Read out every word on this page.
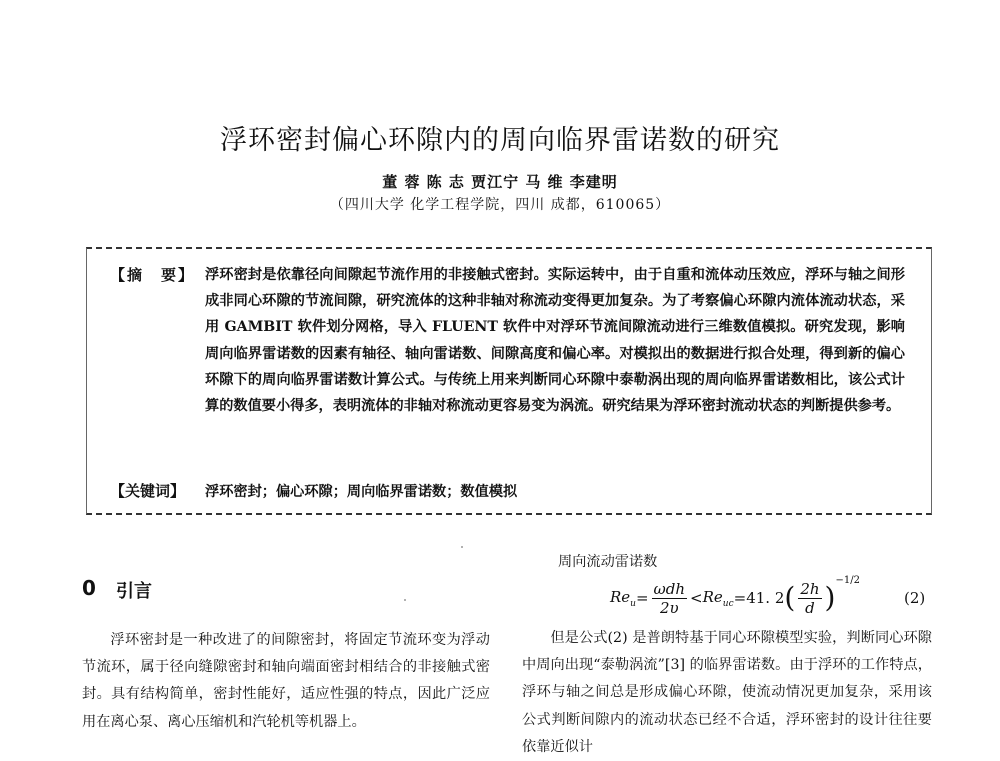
浮环密封偏心环隙内的周向临界雷诺数的研究
董 蓉 陈 志 贾江宁 马 维 李建明
（四川大学 化学工程学院，四川 成都，610065）
【摘　要】 浮环密封是依靠径向间隙起节流作用的非接触式密封。实际运转中，由于自重和流体动压效应，浮环与轴之间形成非同心环隙的节流间隙，研究流体的这种非轴对称流动变得更加复杂。为了考察偏心环隙内流体流动状态，采用 GAMBIT 软件划分网格，导入 FLUENT 软件中对浮环节流间隙流动进行三维数值模拟。研究发现，影响周向临界雷诺数的因素有轴径、轴向雷诺数、间隙高度和偏心率。对模拟出的数据进行拟合处理，得到新的偏心环隙下的周向临界雷诺数计算公式。与传统上用来判断同心环隙中泰勒涡出现的周向临界雷诺数相比，该公式计算的数值要小得多，表明流体的非轴对称流动更容易变为涡流。研究结果为浮环密封流动状态的判断提供参考。
【关键词】 浮环密封；偏心环隙；周向临界雷诺数；数值模拟
0 引言

浮环密封是一种改进了的间隙密封，将固定节流环变为浮动节流环，属于径向缝隙密封和轴向端面密封相结合的非接触式密封。具有结构简单，密封性能好，适应性强的特点，因此广泛应用在离心泵、离心压缩机和汽轮机等机器上。

周向流动雷诺数
$Re_u = \frac{\text{ωdh}}{2\upsilon} < Re_{uc} =41$. 2 ( $\frac{2h}{d}$ )
−1/2
(2)

但是公式(2) 是普朗特基于同心环隙模型实验，判断同心环隙中周向出现“泰勒涡流”[3] 的临界雷诺数。由于浮环的工作特点，浮环与轴之间总是形成偏心环隙，使流动情况更加复杂，采用该公式判断间隙内的流动状态已经不合适，浮环密封的设计往往要依靠近似计
